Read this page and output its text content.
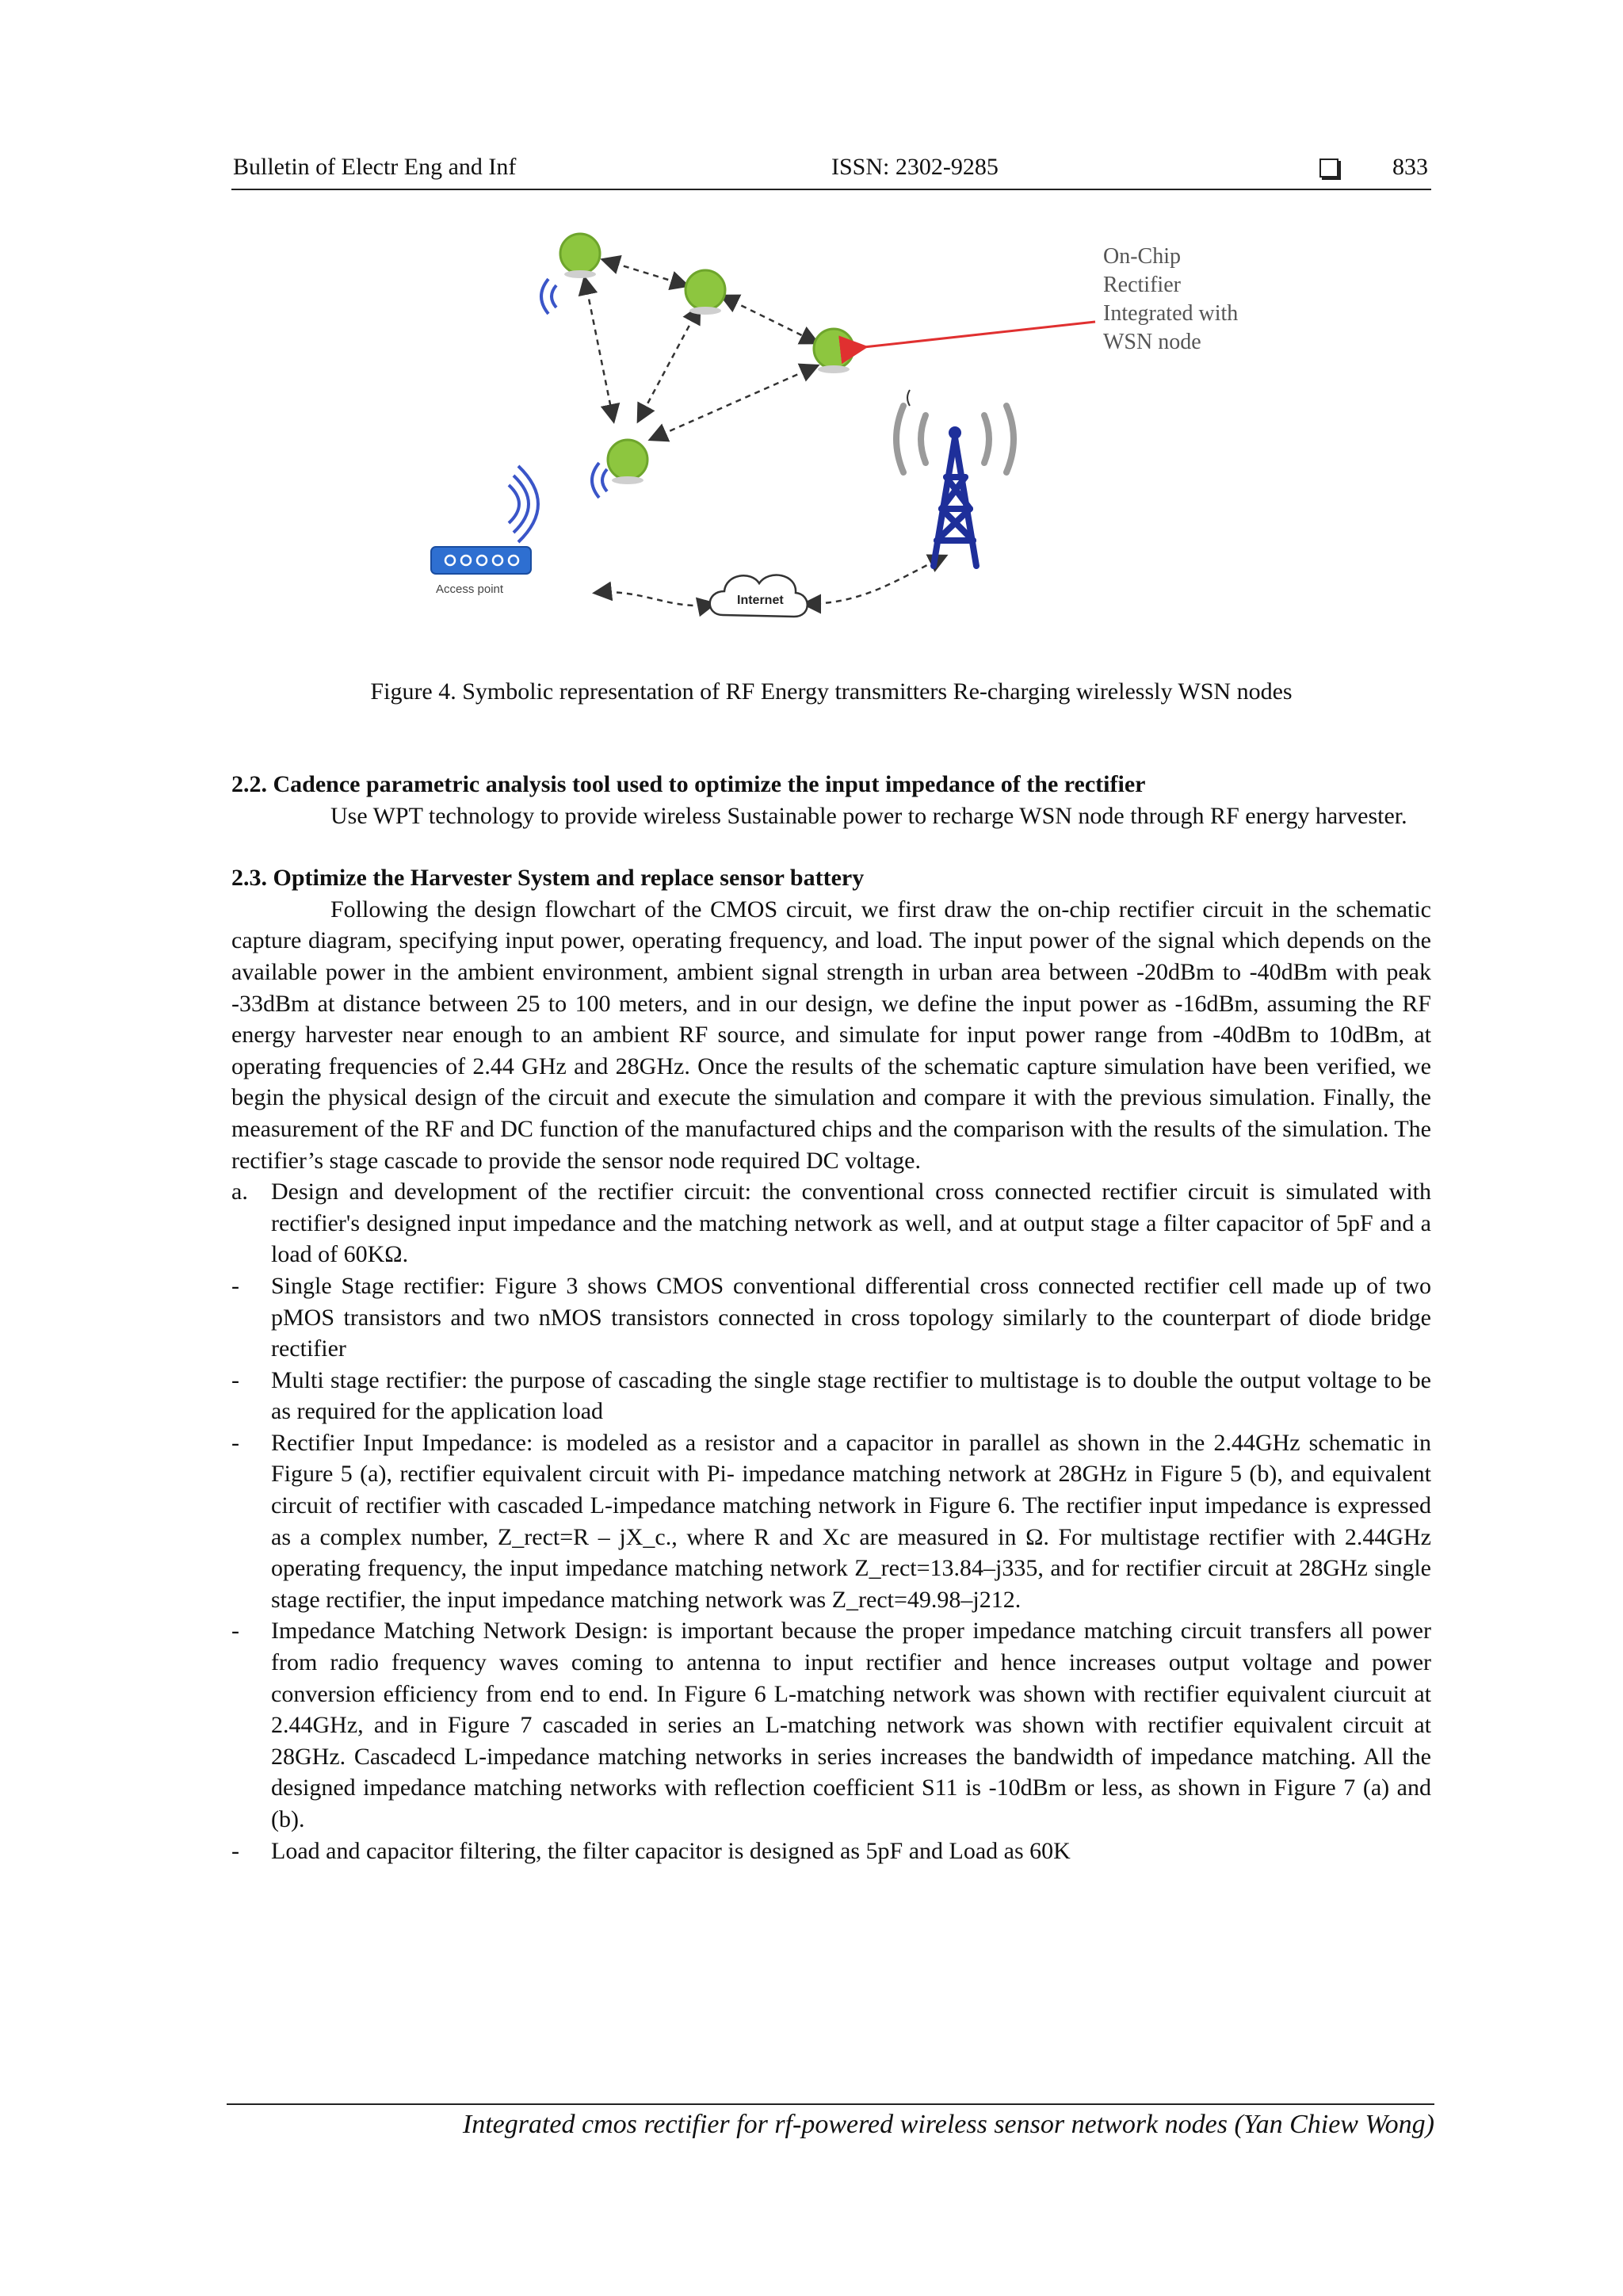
Bulletin of Electr Eng and Inf	ISSN: 2302-9285	833
On-Chip
Rectifier
Integrated with
WSN node
Access point
Internet
Figure 4. Symbolic representation of RF Energy transmitters Re-charging wirelessly WSN nodes

2.2. Cadence parametric analysis tool used to optimize the input impedance of the rectifier

Use WPT technology to provide wireless Sustainable power to recharge WSN node through RF energy harvester.

2.3. Optimize the Harvester System and replace sensor battery

Following the design flowchart of the CMOS circuit, we first draw the on-chip rectifier circuit in the schematic capture diagram, specifying input power, operating frequency, and load. The input power of the signal which depends on the available power in the ambient environment, ambient signal strength in urban area between -20dBm to -40dBm with peak -33dBm at distance between 25 to 100 meters, and in our design, we define the input power as -16dBm, assuming the RF energy harvester near enough to an ambient RF source, and simulate for input power range from -40dBm to 10dBm, at operating frequencies of 2.44 GHz and 28GHz. Once the results of the schematic capture simulation have been verified, we begin the physical design of the circuit and execute the simulation and compare it with the previous simulation. Finally, the measurement of the RF and DC function of the manufactured chips and the comparison with the results of the simulation. The rectifier’s stage cascade to provide the sensor node required DC voltage.

a. Design and development of the rectifier circuit: the conventional cross connected rectifier circuit is simulated with rectifier's designed input impedance and the matching network as well, and at output stage a filter capacitor of 5pF and a load of 60KΩ.
-	Single Stage rectifier: Figure 3 shows CMOS conventional differential cross connected rectifier cell made up of two pMOS transistors and two nMOS transistors connected in cross topology similarly to the counterpart of diode bridge rectifier
-	Multi stage rectifier: the purpose of cascading the single stage rectifier to multistage is to double the output voltage to be as required for the application load
-	Rectifier Input Impedance: is modeled as a resistor and a capacitor in parallel as shown in the 2.44GHz schematic in Figure 5 (a), rectifier equivalent circuit with Pi- impedance matching network at 28GHz in Figure 5 (b), and equivalent circuit of rectifier with cascaded L-impedance matching network in Figure 6. The rectifier input impedance is expressed as a complex number, Z_rect=R – jX_c., where R and Xc are measured in Ω. For multistage rectifier with 2.44GHz operating frequency, the input impedance matching network Z_rect=13.84–j335, and for rectifier circuit at 28GHz single stage rectifier, the input impedance matching network was Z_rect=49.98–j212.
-	Impedance Matching Network Design: is important because the proper impedance matching circuit transfers all power from radio frequency waves coming to antenna to input rectifier and hence increases output voltage and power conversion efficiency from end to end. In Figure 6 L-matching network was shown with rectifier equivalent ciurcuit at 2.44GHz, and in Figure 7 cascaded in series an L-matching network was shown with rectifier equivalent circuit at 28GHz. Cascadecd L-impedance matching networks in series increases the bandwidth of impedance matching. All the designed impedance matching networks with reflection coefficient S11 is -10dBm or less, as shown in Figure 7 (a) and (b).
-	Load and capacitor filtering, the filter capacitor is designed as 5pF and Load as 60K
Integrated cmos rectifier for rf-powered wireless sensor network nodes (Yan Chiew Wong)
